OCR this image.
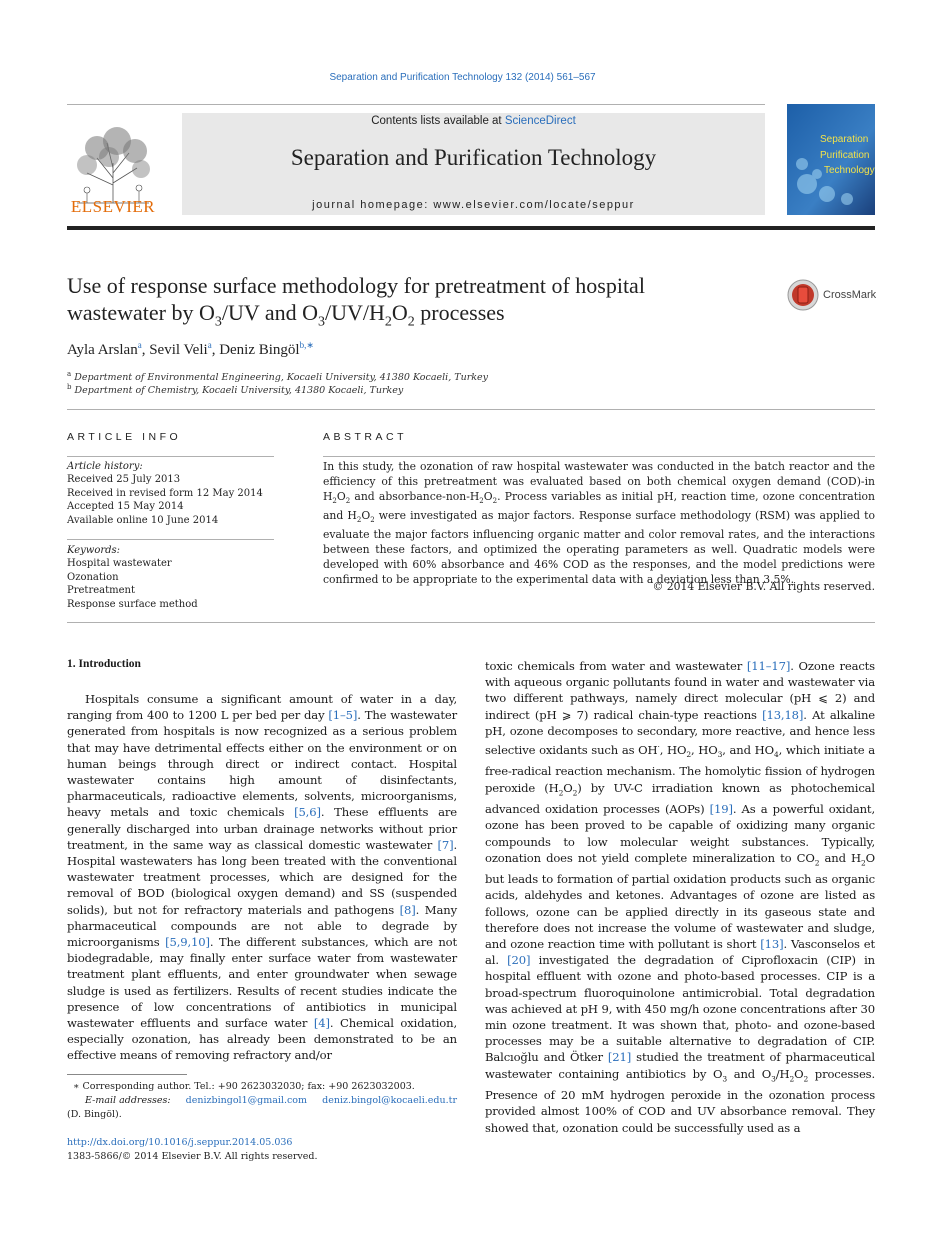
Separation and Purification Technology 132 (2014) 561–567
ELSEVIER
Contents lists available at ScienceDirect
Separation and Purification Technology
journal homepage: www.elsevier.com/locate/seppur
Separation
Purification
Technology
Use of response surface methodology for pretreatment of hospital
wastewater by $O_3/UV$ and $O_3/UV/H_2O_2$ processes
CrossMark
Ayla Arslan$^a$, Sevil Veli$^a$, Deniz Bingöl$^{b,∗}$
$^a$ Department of Environmental Engineering, Kocaeli University, 41380 Kocaeli, Turkey
$^b$ Department of Chemistry, Kocaeli University, 41380 Kocaeli, Turkey
ARTICLE INFO
Article history:
Received 25 July 2013
Received in revised form 12 May 2014
Accepted 15 May 2014
Available online 10 June 2014
Keywords:
Hospital wastewater
Ozonation
Pretreatment
Response surface method
ABSTRACT
In this study, the ozonation of raw hospital wastewater was conducted in the batch reactor and the efficiency of this pretreatment was evaluated based on both chemical oxygen demand (COD)-in $H_2O_2$ and absorbance-$non-H_2O_2$. Process variables as initial pH, reaction time, ozone concentration and $H_2O_2$ were investigated as major factors. Response surface methodology (RSM) was applied to evaluate the major factors influencing organic matter and color removal rates, and the interactions between these factors, and optimized the operating parameters as well. Quadratic models were developed with 60% absorbance and 46% COD as the responses, and the model predictions were confirmed to be appropriate to the experimental data with a deviation less than 3.5%.
© 2014 Elsevier B.V. All rights reserved.
1. Introduction
Hospitals consume a significant amount of water in a day, ranging from 400 to 1200 L per bed per day [1–5]. The wastewater generated from hospitals is now recognized as a serious problem that may have detrimental effects either on the environment or on human beings through direct or indirect contact. Hospital wastewater contains high amount of disinfectants, pharmaceuticals, radioactive elements, solvents, microorganisms, heavy metals and toxic chemicals [5,6]. These effluents are generally discharged into urban drainage networks without prior treatment, in the same way as classical domestic wastewater [7]. Hospital wastewaters has long been treated with the conventional wastewater treatment processes, which are designed for the removal of BOD (biological oxygen demand) and SS (suspended solids), but not for refractory materials and pathogens [8]. Many pharmaceutical compounds are not able to degrade by microorganisms [5,9,10]. The different substances, which are not biodegradable, may finally enter surface water from wastewater treatment plant effluents, and enter groundwater when sewage sludge is used as fertilizers. Results of recent studies indicate the presence of low concentrations of antibiotics in municipal wastewater effluents and surface water [4]. Chemical oxidation, especially ozonation, has already been demonstrated to be an effective means of removing refractory and/or
toxic chemicals from water and wastewater [11–17]. Ozone reacts with aqueous organic pollutants found in water and wastewater via two different pathways, namely direct molecular (pH ⩽ 2) and indirect (pH ⩾ 7) radical chain-type reactions [13,18]. At alkaline pH, ozone decomposes to secondary, more reactive, and hence less selective oxidants such as OH·, $HO_2$, $HO_3$, and $HO_4$, which initiate a free-radical reaction mechanism. The homolytic fission of hydrogen peroxide $(H_2O_2)$ by UV-C irradiation known as photochemical advanced oxidation processes (AOPs) [19]. As a powerful oxidant, ozone has been proved to be capable of oxidizing many organic compounds to low molecular weight substances. Typically, ozonation does not yield complete mineralization to $CO_2$ and $H_2O$ but leads to formation of partial oxidation products such as organic acids, aldehydes and ketones. Advantages of ozone are listed as follows, ozone can be applied directly in its gaseous state and therefore does not increase the volume of wastewater and sludge, and ozone reaction time with pollutant is short [13]. Vasconselos et al. [20] investigated the degradation of Ciprofloxacin (CIP) in hospital effluent with ozone and photo-based processes. CIP is a broad-spectrum fluoroquinolone antimicrobial. Total degradation was achieved at pH 9, with 450 mg/h ozone concentrations after 30 min ozone treatment. It was shown that, photo- and ozone-based processes may be a suitable alternative to degradation of CIP. Balcıoğlu and Ötker [21] studied the treatment of pharmaceutical wastewater containing antibiotics by $O_3$ and $O_3/H_2O_2$ processes. Presence of 20 mM hydrogen peroxide in the ozonation process provided almost 100% of COD and UV absorbance removal. They showed that, ozonation could be successfully used as a
∗ Corresponding author. Tel.: +90 2623032030; fax: +90 2623032003.
E-mail addresses: denizbingol1@gmail.com deniz.bingol@kocaeli.edu.tr
(D. Bingöl).
http://dx.doi.org/10.1016/j.seppur.2014.05.036
1383-5866/© 2014 Elsevier B.V. All rights reserved.
